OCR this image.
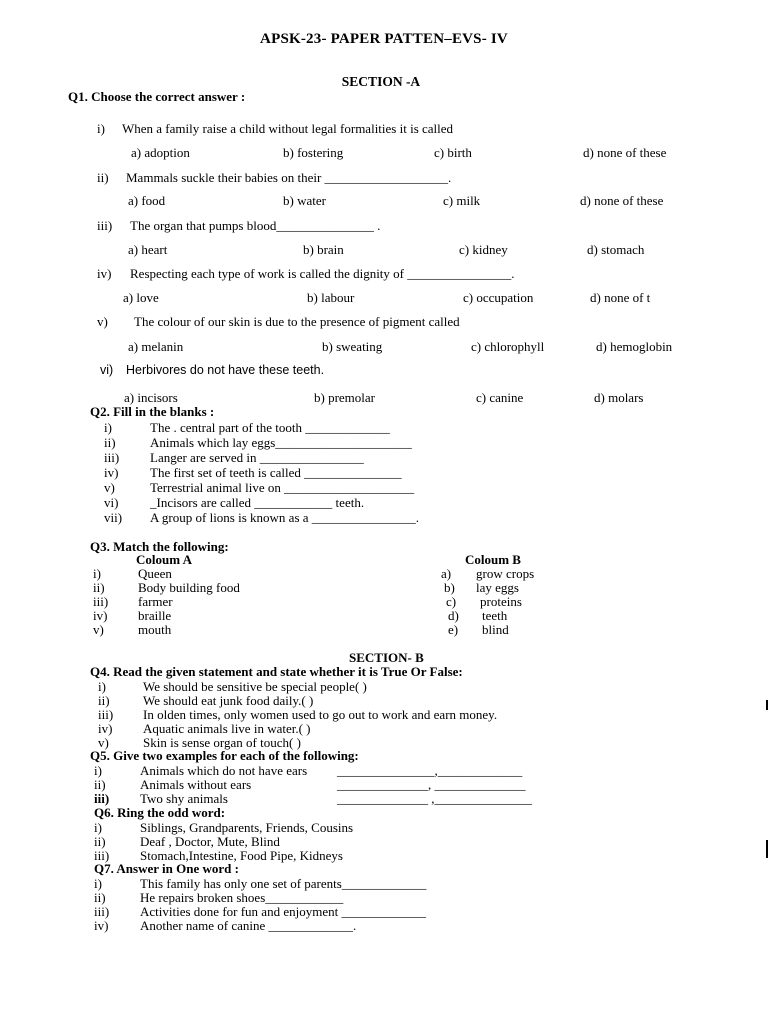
APSK-23- PAPER PATTEN–EVS- IV
SECTION -A
Q1. Choose the correct answer :
i) When a family raise a child without legal formalities it is called
a) adoption	b) fostering	c) birth	d) none of these
ii) Mammals suckle their babies on their ___________________.
a) food	b) water	c) milk	d) none of these
iii) The organ that pumps blood_______________ .
a) heart	b) brain	c) kidney	d) stomach
iv) Respecting each type of work is called the dignity of ________________.
a) love	b) labour	c) occupation	d) none of t
v) The colour of our skin is due to the presence of pigment called
a) melanin	b) sweating	c) chlorophyll	d) hemoglobin
vi) Herbivores do not have these teeth.
a) incisors	b) premolar	c) canine	d) molars
Q2. Fill in the blanks :
i)	The . central part of the tooth _____________
ii)	Animals which lay eggs_____________________
iii) Langer are served in ________________
iv) The first set of teeth is called _______________
v)	Terrestrial animal live on ____________________
vi) _Incisors are called ____________ teeth.
vii) A group of lions is known as a ________________.
Q3. Match the following:
Coloum A	Coloum B
i)	Queen	a) grow crops
ii)	Body building food	b) lay eggs
iii) farmer	c) proteins
iv) braille	d) teeth
v)	mouth	e) blind
SECTION- B
Q4. Read the given statement and state whether it is True Or False:
i)	We should be sensitive be special people( )
ii)	We should eat junk food daily.( )
iii) In olden times, only women used to go out to work and earn money.
iv) Aquatic animals live in water.( )
v)	Skin is sense organ of touch( )
Q5. Give two examples for each of the following:
i)	Animals which do not have ears _______________,_____________
ii)	Animals without ears	______________, ______________
iii) Two shy animals	______________ ,_______________
Q6. Ring the odd word:
i)	Siblings, Grandparents, Friends, Cousins
ii)	Deaf , Doctor, Mute, Blind
iii) Stomach,Intestine, Food Pipe, Kidneys
Q7. Answer in One word :
i)	This family has only one set of parents_____________
ii)	He repairs broken shoes____________
iii) Activities done for fun and enjoyment _____________
iv) Another name of canine _____________.
